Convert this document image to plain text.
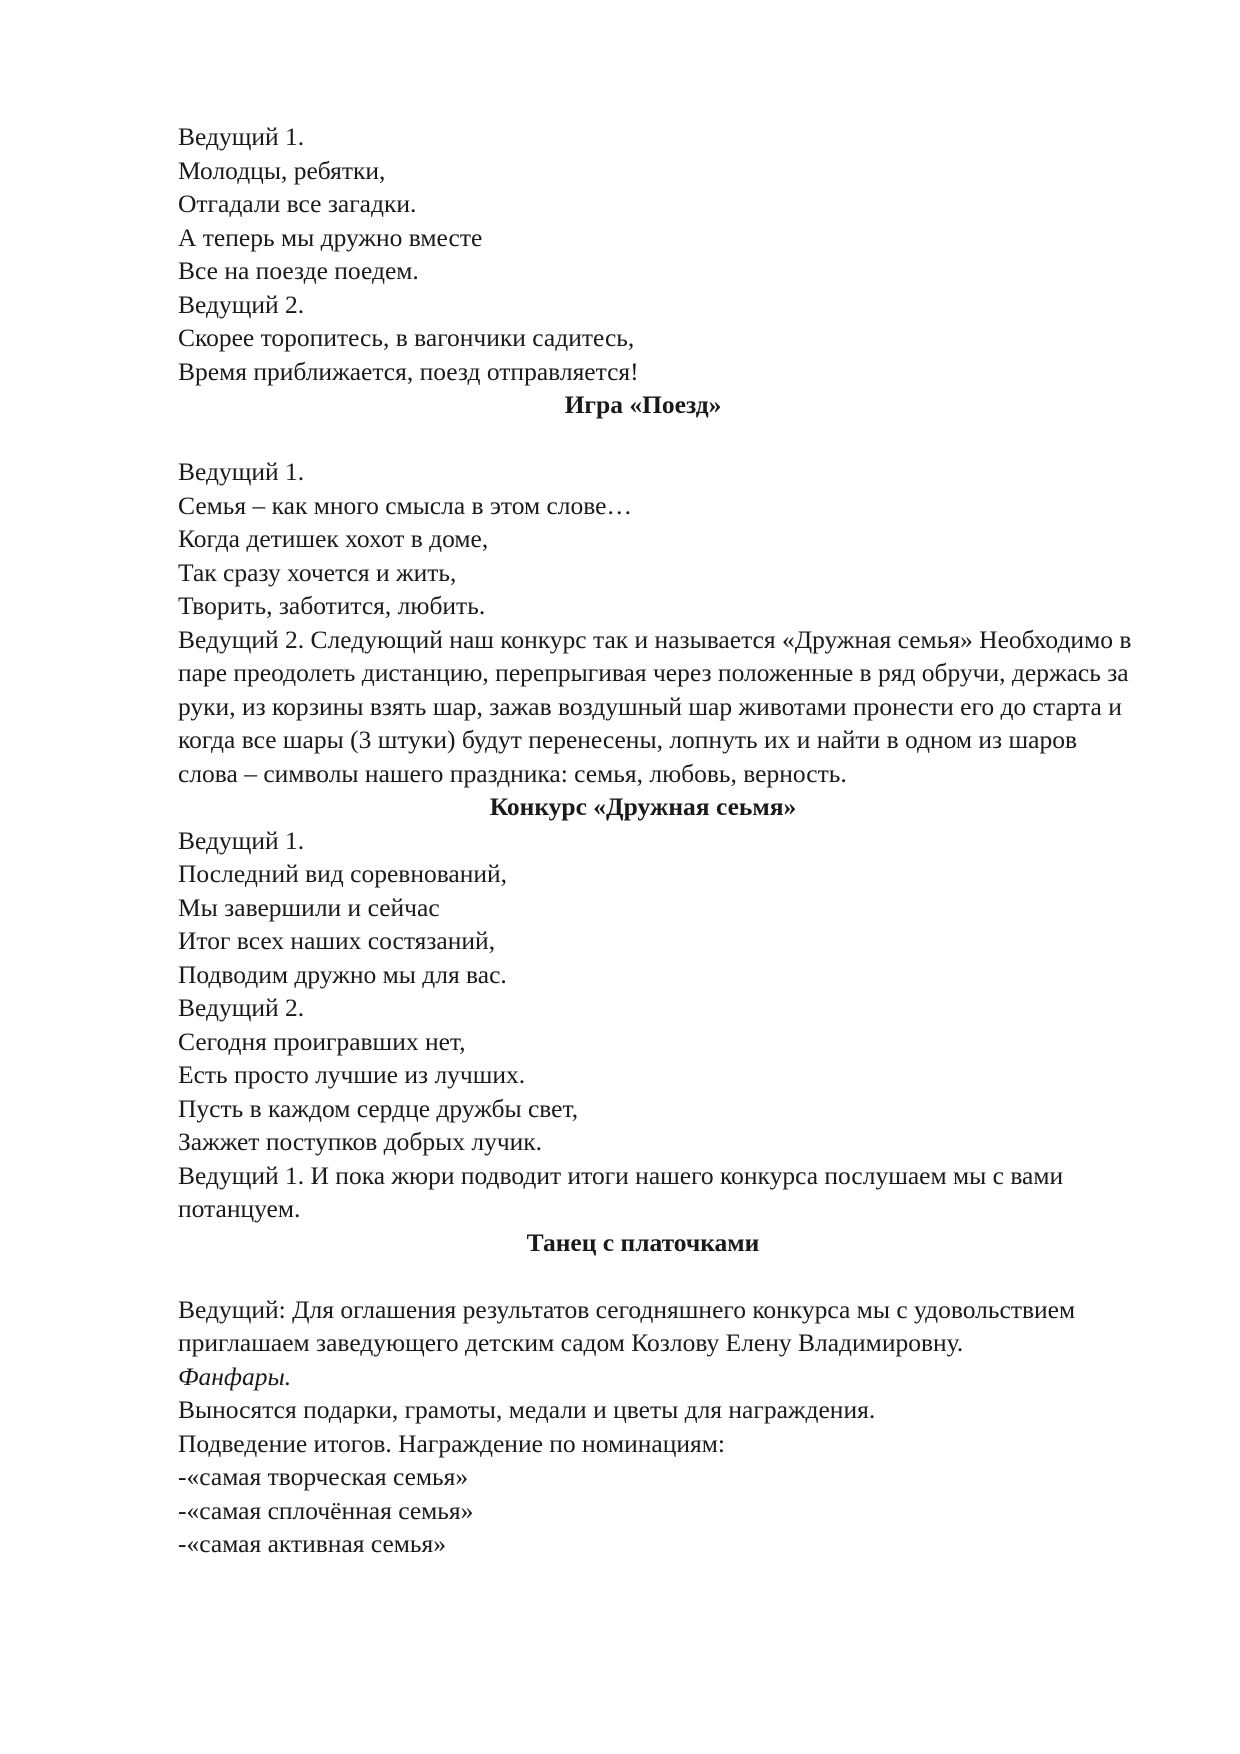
Ведущий 1.
Молодцы, ребятки,
Отгадали все загадки.
А теперь мы дружно вместе
Все на поезде поедем.
Ведущий 2.
Скорее торопитесь, в вагончики садитесь,
Время приближается, поезд отправляется!
Игра «Поезд»
Ведущий 1.
Семья – как много смысла в этом слове…
Когда детишек хохот в доме,
Так сразу хочется и жить,
Творить, заботится, любить.

Ведущий 2. Следующий наш конкурс так и называется «Дружная семья» Необходимо в паре преодолеть дистанцию, перепрыгивая через положенные в ряд обручи, держась за руки, из корзины взять шар, зажав воздушный шар животами пронести его до старта и когда все шары (3 штуки) будут перенесены, лопнуть их и найти в одном из шаров слова – символы нашего праздника: семья, любовь, верность.

Конкурс «Дружная сеьмя»
Ведущий 1.
Последний вид соревнований,
Мы завершили и сейчас
Итог всех наших состязаний,
Подводим дружно мы для вас.
Ведущий 2.
Сегодня проигравших нет,
Есть просто лучшие из лучших.
Пусть в каждом сердце дружбы свет,
Зажжет поступков добрых лучик.

Ведущий 1. И пока жюри подводит итоги нашего конкурса послушаем мы с вами потанцуем.

Танец с платочками

Ведущий: Для оглашения результатов сегодняшнего конкурса мы с удовольствием приглашаем заведующего детским садом Козлову Елену Владимировну.

Фанфары.
Выносятся подарки, грамоты, медали и цветы для награждения.
Подведение итогов. Награждение по номинациям:
-«самая творческая семья»
-«самая сплочённая семья»
-«самая активная семья»
